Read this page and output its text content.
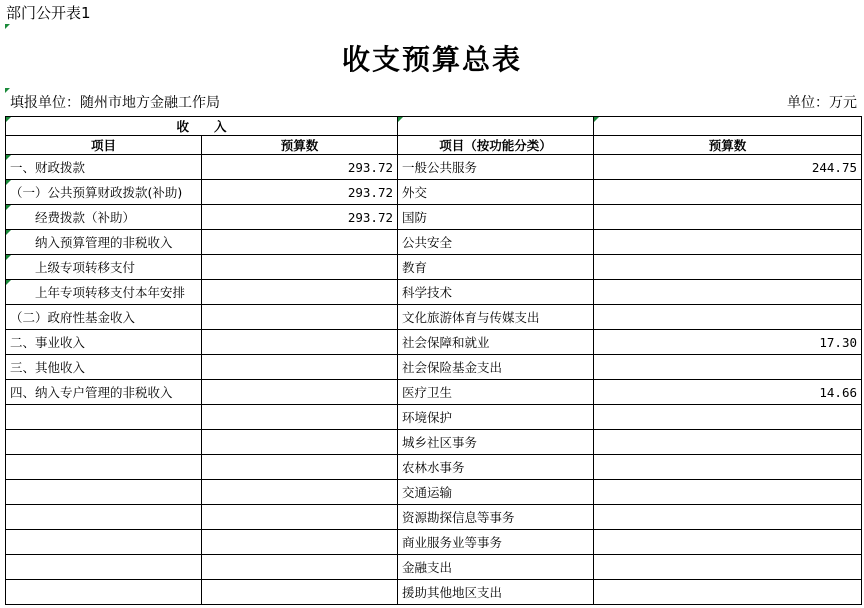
部门公开表1
收支预算总表
填报单位：随州市地方金融工作局	单位：万元
收　　入		

项目	预算数	项目（按功能分类）	预算数
一、财政拨款	293.72	一般公共服务	244.75
（一）公共预算财政拨款(补助)	293.72	外交	
　　经费拨款（补助）	293.72	国防	
　　纳入预算管理的非税收入		公共安全	
　　上级专项转移支付		教育	
　　上年专项转移支付本年安排		科学技术	
（二）政府性基金收入		文化旅游体育与传媒支出	
二、事业收入		社会保障和就业	17.30
三、其他收入		社会保险基金支出	
四、纳入专户管理的非税收入		医疗卫生	14.66
		环境保护	
		城乡社区事务	
		农林水事务	
		交通运输	
		资源勘探信息等事务	
		商业服务业等事务	
		金融支出	
		援助其他地区支出	
